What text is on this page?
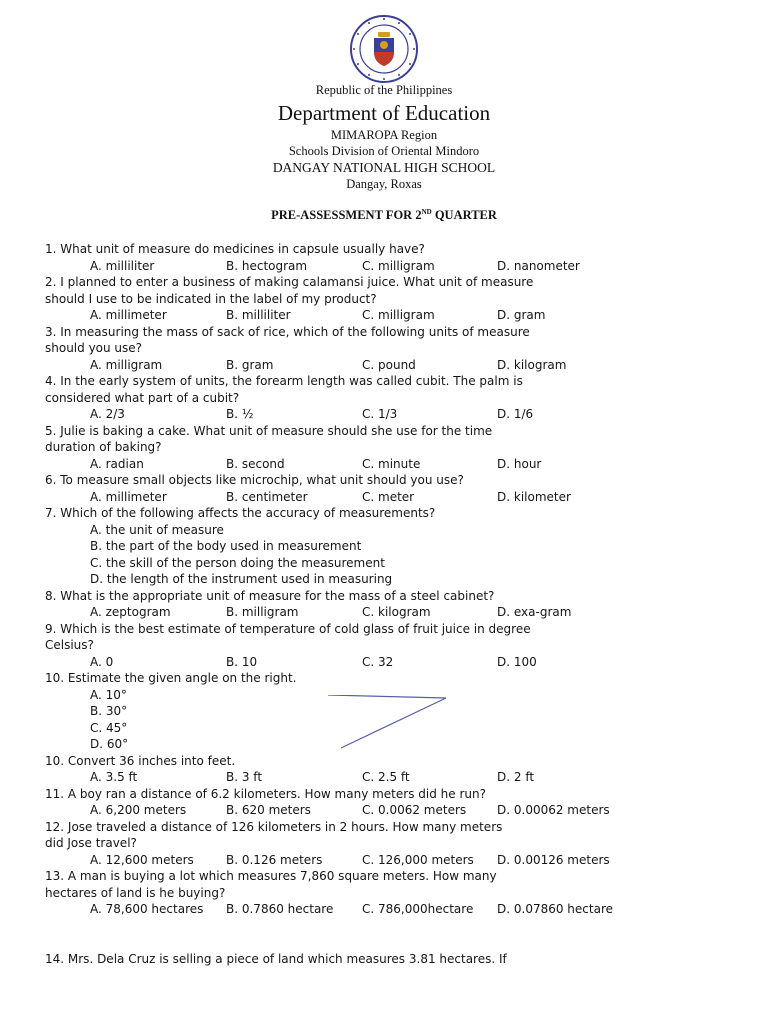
Republic of the Philippines
Department of Education
MIMAROPA Region
Schools Division of Oriental Mindoro
DANGAY NATIONAL HIGH SCHOOL
Dangay, Roxas
PRE-ASSESSMENT FOR 2ND QUARTER
1. What unit of measure do medicines in capsule usually have?
A. milliliter	B. hectogram	C. milligram	D. nanometer
2. I planned to enter a business of making calamansi juice. What unit of measure
should I use to be indicated in the label of my product?
A. millimeter	B. milliliter	C. milligram	D. gram
3. In measuring the mass of sack of rice, which of the following units of measure
should you use?
A. milligram	B. gram	C. pound	D. kilogram
4. In the early system of units, the forearm length was called cubit. The palm is
considered what part of a cubit?
A. 2/3	B. ½	C. 1/3	D. 1/6
5. Julie is baking a cake. What unit of measure should she use for the time
duration of baking?
A. radian	B. second	C. minute	D. hour
6. To measure small objects like microchip, what unit should you use?
A. millimeter	B. centimeter	C. meter	D. kilometer
7. Which of the following affects the accuracy of measurements?
A. the unit of measure
B. the part of the body used in measurement
C. the skill of the person doing the measurement
D. the length of the instrument used in measuring
8. What is the appropriate unit of measure for the mass of a steel cabinet?
A. zeptogram	B. milligram	C. kilogram	D. exa-gram
9. Which is the best estimate of temperature of cold glass of fruit juice in degree
Celsius?
A. 0	B. 10	C. 32	D. 100
10. Estimate the given angle on the right.
A. 10°
B. 30°
C. 45°
D. 60°
10. Convert 36 inches into feet.
A. 3.5 ft	B. 3 ft	C. 2.5 ft	D. 2 ft
11. A boy ran a distance of 6.2 kilometers. How many meters did he run?
A. 6,200 meters	B. 620 meters	C. 0.0062 meters	D. 0.00062 meters
12. Jose traveled a distance of 126 kilometers in 2 hours. How many meters
did Jose travel?
A. 12,600 meters	B. 0.126 meters	C. 126,000 meters D. 0.00126 meters
13. A man is buying a lot which measures 7,860 square meters. How many
hectares of land is he buying?
A. 78,600 hectares B. 0.7860 hectare C. 786,000hectare D. 0.07860 hectare
14. Mrs. Dela Cruz is selling a piece of land which measures 3.81 hectares. If
